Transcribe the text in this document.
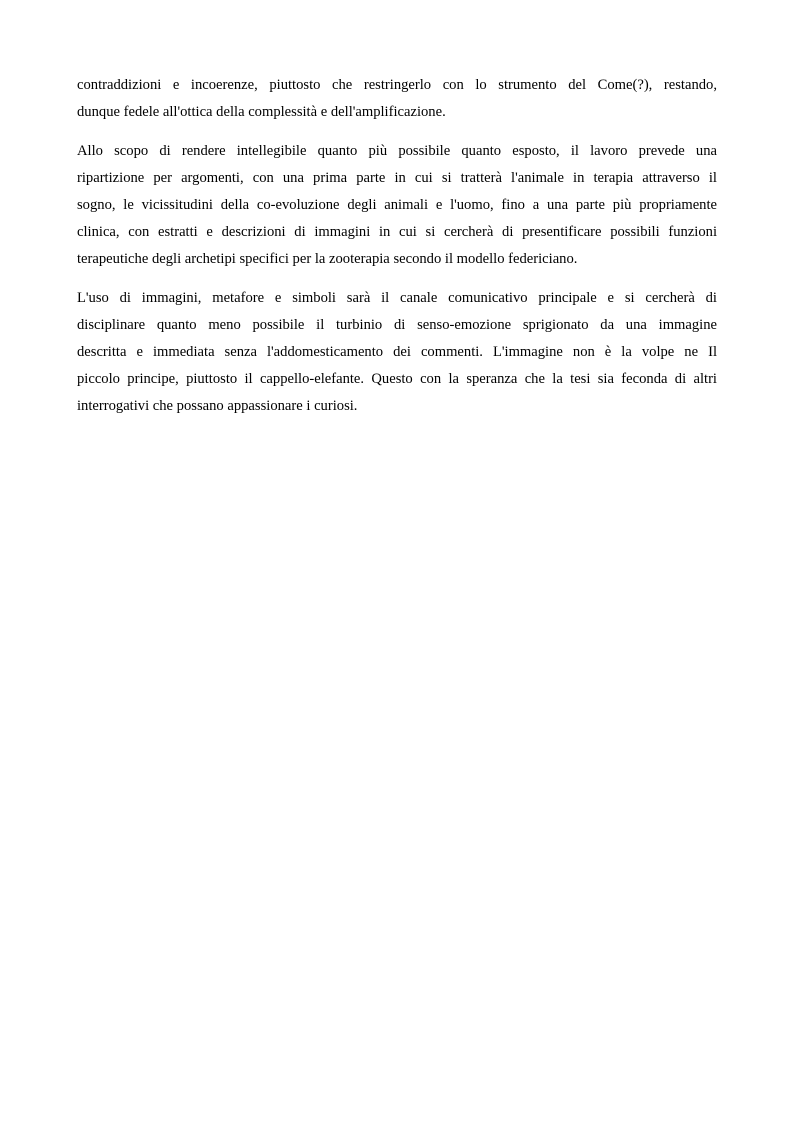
contraddizioni e incoerenze, piuttosto che restringerlo con lo strumento del Come(?), restando,
dunque fedele all'ottica della complessità e dell'amplificazione.

Allo scopo di rendere intellegibile quanto più possibile quanto esposto, il lavoro prevede una
ripartizione per argomenti, con una prima parte in cui si tratterà l'animale in terapia attraverso il
sogno, le vicissitudini della co-evoluzione degli animali e l'uomo, fino a una parte più propriamente
clinica, con estratti e descrizioni di immagini in cui si cercherà di presentificare possibili funzioni
terapeutiche degli archetipi specifici per la zooterapia secondo il modello federiciano.

L'uso di immagini, metafore e simboli sarà il canale comunicativo principale e si cercherà di
disciplinare quanto meno possibile il turbinio di senso-emozione sprigionato da una immagine
descritta e immediata senza l'addomesticamento dei commenti. L'immagine non è la volpe ne Il
piccolo principe, piuttosto il cappello-elefante. Questo con la speranza che la tesi sia feconda di altri
interrogativi che possano appassionare i curiosi.
